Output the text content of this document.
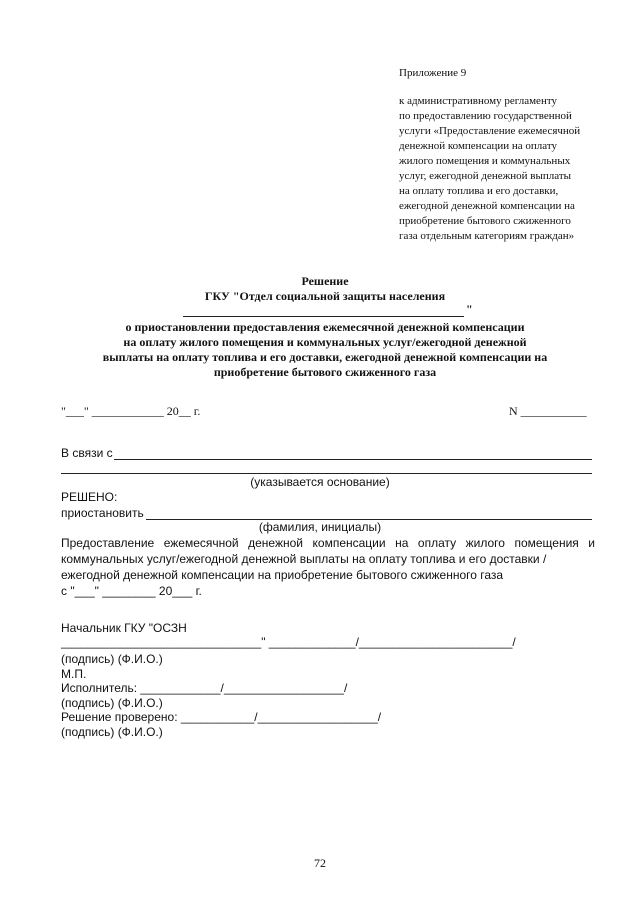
Приложение 9
к административному регламенту
по предоставлению государственной
услуги «Предоставление ежемесячной
денежной компенсации на оплату
жилого помещения и коммунальных
услуг, ежегодной денежной выплаты
на оплату топлива и его доставки,
ежегодной денежной компенсации на
приобретение бытового сжиженного
газа отдельным категориям граждан»
Решение
ГКУ "Отдел социальной защиты населения
"
о приостановлении предоставления ежемесячной денежной компенсации
на оплату жилого помещения и коммунальных услуг/ежегодной денежной
выплаты на оплату топлива и его доставки, ежегодной денежной компенсации на
приобретение бытового сжиженного газа
"___" ____________ 20__ г.	N ___________
В связи с
(указывается основание)
РЕШЕНО:
приостановить
(фамилия, инициалы)
Предоставление ежемесячной денежной компенсации на оплату жилого помещения и
коммунальных услуг/ежегодной денежной выплаты на оплату топлива и его доставки /
ежегодной денежной компенсации на приобретение бытового сжиженного газа
с "___" ________ 20___ г.
Начальник ГКУ "ОСЗН
______________________________" _____________/_______________________/
(подпись) (Ф.И.О.)
М.П.
Исполнитель: ____________/__________________/
(подпись) (Ф.И.О.)
Решение проверено: ___________/__________________/
(подпись) (Ф.И.О.)
72
